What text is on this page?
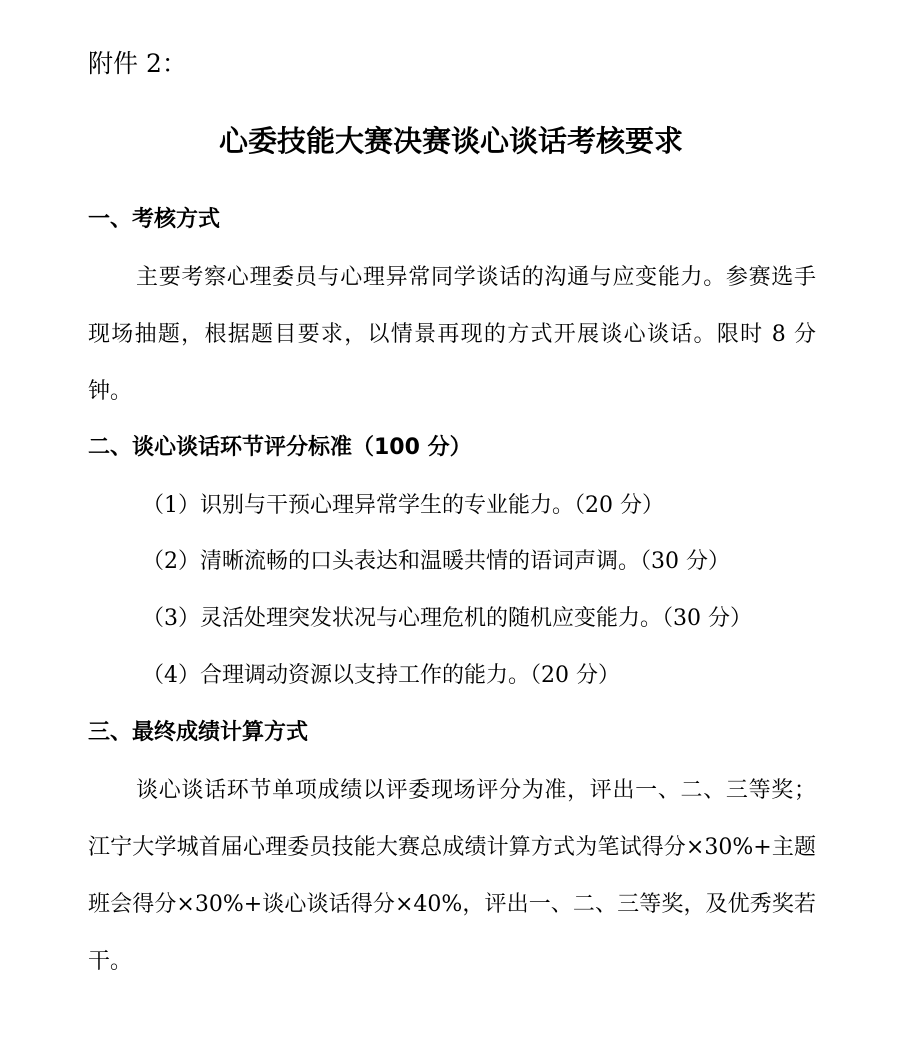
附件 2：
心委技能大赛决赛谈心谈话考核要求
一、考核方式
主要考察心理委员与心理异常同学谈话的沟通与应变能力。参赛选手现场抽题，根据题目要求，以情景再现的方式开展谈心谈话。限时 8 分钟。
二、谈心谈话环节评分标准（100 分）
（1）识别与干预心理异常学生的专业能力。（20 分）
（2）清晰流畅的口头表达和温暖共情的语词声调。（30 分）
（3）灵活处理突发状况与心理危机的随机应变能力。（30 分）
（4）合理调动资源以支持工作的能力。（20 分）
三、最终成绩计算方式
谈心谈话环节单项成绩以评委现场评分为准，评出一、二、三等奖；江宁大学城首届心理委员技能大赛总成绩计算方式为笔试得分×30%+主题班会得分×30%+谈心谈话得分×40%，评出一、二、三等奖，及优秀奖若干。
